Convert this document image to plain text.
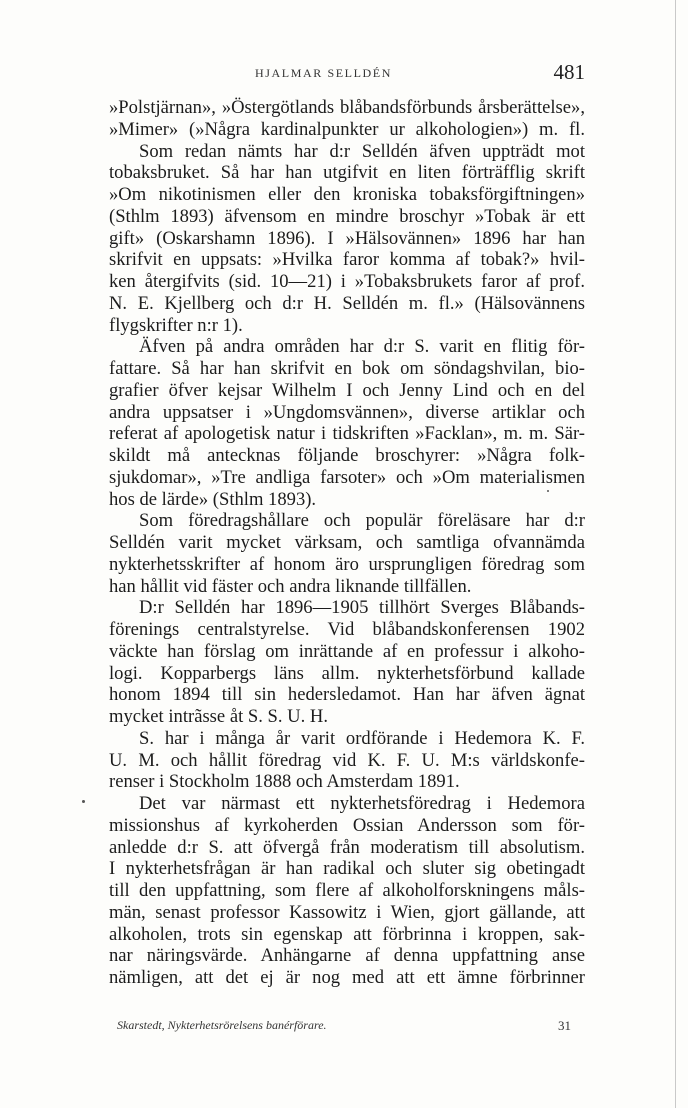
HJALMAR SELLDÉN	481
»Polstjärnan», »Östergötlands blåbandsförbunds årsberättelse»,
»Mimer» (»Några kardinalpunkter ur alkohologien») m. fl.
Som redan nämts har d:r Selldén äfven uppträdt mot
tobaksbruket. Så har han utgifvit en liten förträfflig skrift
»Om nikotinismen eller den kroniska tobaksförgiftningen»
(Sthlm 1893) äfvensom en mindre broschyr »Tobak är ett
gift» (Oskarshamn 1896). I »Hälsovännen» 1896 har han
skrifvit en uppsats: »Hvilka faror komma af tobak?» hvil-
ken återgifvits (sid. 10—21) i »Tobaksbrukets faror af prof.
N. E. Kjellberg och d:r H. Selldén m. fl.» (Hälsovännens
flygskrifter n:r 1).
Äfven på andra områden har d:r S. varit en flitig för-
fattare. Så har han skrifvit en bok om söndagshvilan, bio-
grafier öfver kejsar Wilhelm I och Jenny Lind och en del
andra uppsatser i »Ungdomsvännen», diverse artiklar och
referat af apologetisk natur i tidskriften »Facklan», m. m. Sär-
skildt må antecknas följande broschyrer: »Några folk-
sjukdomar», »Tre andliga farsoter» och »Om materialismen
hos de lärde» (Sthlm 1893).
Som föredragshållare och populär föreläsare har d:r
Selldén varit mycket värksam, och samtliga ofvannämda
nykterhetsskrifter af honom äro ursprungligen föredrag som
han hållit vid fäster och andra liknande tillfällen.
D:r Selldén har 1896—1905 tillhört Sverges Blåbands-
förenings centralstyrelse. Vid blåbandskonferensen 1902
väckte han förslag om inrättande af en professur i alkoho-
logi. Kopparbergs läns allm. nykterhetsförbund kallade
honom 1894 till sin hedersledamot. Han har äfven ägnat
mycket intrãsse åt S. S. U. H.
S. har i många år varit ordförande i Hedemora K. F.
U. M. och hållit föredrag vid K. F. U. M:s världskonfe-
renser i Stockholm 1888 och Amsterdam 1891.
Det var närmast ett nykterhetsföredrag i Hedemora
missionshus af kyrkoherden Ossian Andersson som för-
anledde d:r S. att öfvergå från moderatism till absolutism.
I nykterhetsfrågan är han radikal och sluter sig obetingadt
till den uppfattning, som flere af alkoholforskningens måls-
män, senast professor Kassowitz i Wien, gjort gällande, att
alkoholen, trots sin egenskap att förbrinna i kroppen, sak-
nar näringsvärde. Anhängarne af denna uppfattning anse
nämligen, att det ej är nog med att ett ämne förbrinner
Skarstedt, Nykterhetsrörelsens banérförare.	31
